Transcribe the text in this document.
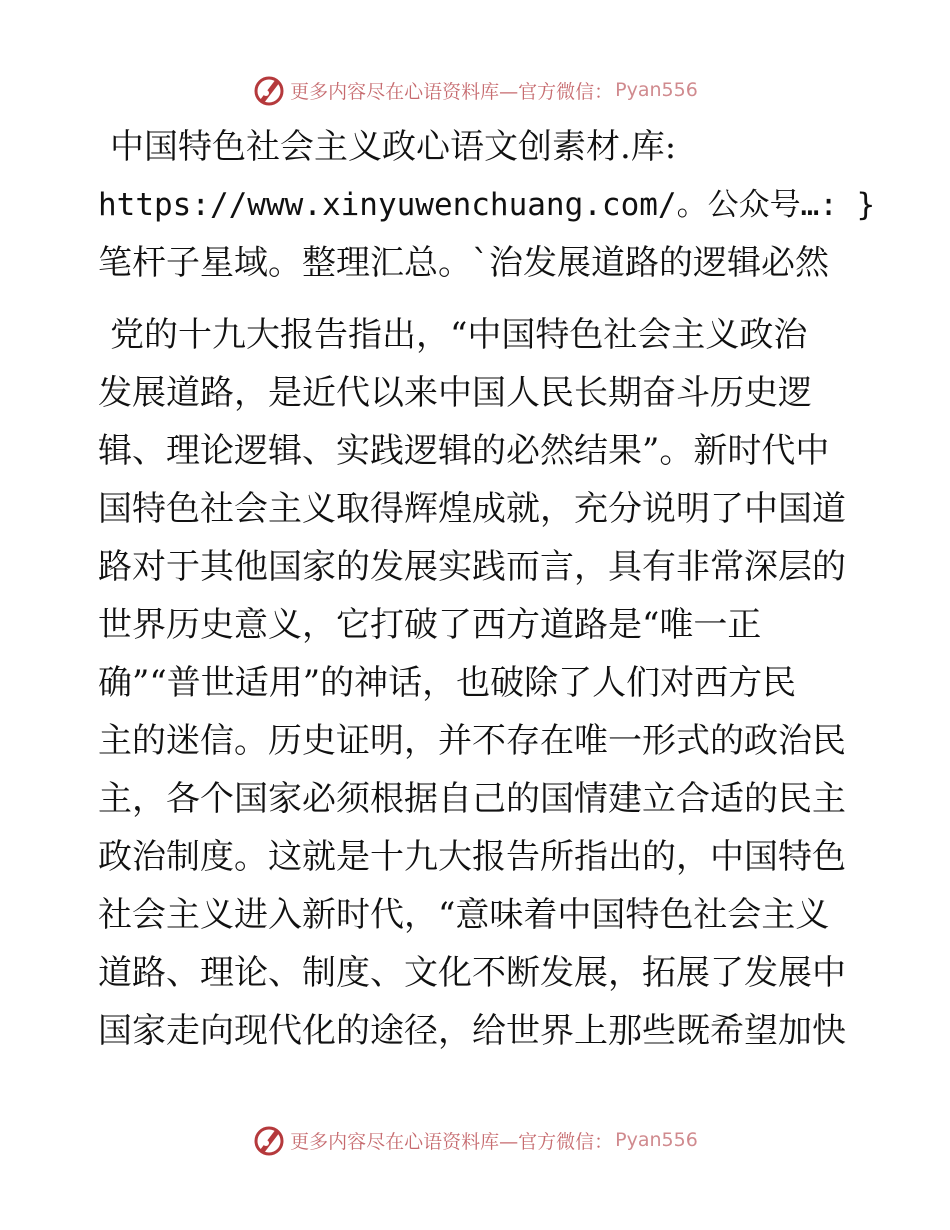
更多内容尽在心语资料库—官方微信： Pyan556
中国特色社会主义政心语文创素材.库:
https://www.xinyuwenchuang.com/。公众号…: }
笔杆子星域。整理汇总。`治发展道路的逻辑必然
党的十九大报告指出，“中国特色社会主义政治
发展道路，是近代以来中国人民长期奋斗历史逻
辑、理论逻辑、实践逻辑的必然结果”。新时代中
国特色社会主义取得辉煌成就，充分说明了中国道
路对于其他国家的发展实践而言，具有非常深层的
世界历史意义，它打破了西方道路是“唯一正
确”“普世适用”的神话，也破除了人们对西方民
主的迷信。历史证明，并不存在唯一形式的政治民
主，各个国家必须根据自己的国情建立合适的民主
政治制度。这就是十九大报告所指出的，中国特色
社会主义进入新时代，“意味着中国特色社会主义
道路、理论、制度、文化不断发展，拓展了发展中
国家走向现代化的途径，给世界上那些既希望加快
更多内容尽在心语资料库—官方微信： Pyan556
